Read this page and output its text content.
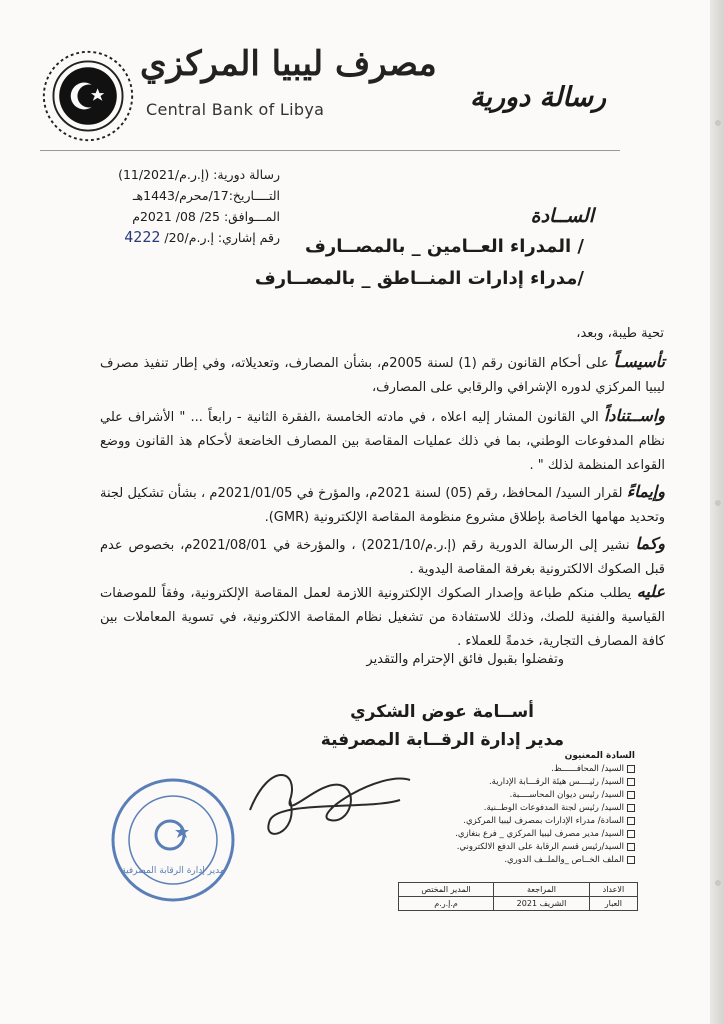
مصرف ليبيا المركزي
Central Bank of Libya	رسالة دورية
رسالة دورية: (إ.ر.م/11/2021)
التــــاريخ:17/محرم/1443هـ
المـــوافق: 25/ 08/ 2021م
رقم إشاري: إ.ر.م/20/ 4222
الســادة
/ المدراء العــامين _ بالمصــارف
/مدراء إدارات المنــاطق _ بالمصــارف
تحية طيبة، وبعد،
تأسيسـاً على أحكام القانون رقم (1) لسنة 2005م، بشأن المصارف، وتعديلاته، وفي إطار تنفيذ مصرف ليبيا المركزي لدوره الإشرافي والرقابي على المصارف،
واســتناداً الي القانون المشار إليه اعلاه ، في مادته الخامسة ،الفقرة الثانية - رابعاً ... " الأشراف علي نظام المدفوعات الوطني، بما في ذلك عمليات المقاصة بين المصارف الخاضعة لأحكام هذ القانون ووضع القواعد المنظمة لذلك " .
وإيماءً لقرار السيد/ المحافظ، رقم (05) لسنة 2021م، والمؤرخ في 2021/01/05م ، بشأن تشكيل لجنة وتحديد مهامها الخاصة بإطلاق مشروع منظومة المقاصة الإلكترونية (GMR).
وكما نشير إلى الرسالة الدورية رقم (إ.ر.م/2021/10) ، والمؤرخة في 2021/08/01م، بخصوص عدم قبل الصكوك الالكترونية بغرفة المقاصة اليدوية .
عليه يطلب منكم طباعة وإصدار الصكوك الإلكترونية اللازمة لعمل المقاصة الإلكترونية، وفقاً للموصفات القياسية والفنية للصك، وذلك للاستفادة من تشغيل نظام المقاصة الالكترونية، في تسوية المعاملات بين كافة المصارف التجارية، خدمةً للعملاء .
وتفضلوا بقبول فائق الإحترام والتقدير
أســامة عوض الشكري
مدير إدارة الرقــابة المصرفية
مدير إدارة الرقابة المصرفية
السادة المعنيون
السيد/ المحافــــــظ.
السيد/ رئيــــس هيئة الرقـــابة الإدارية.
السيد/ رئيس ديوان المحاســــبة.
السيد/ رئيس لجنة المدفوعات الوطــنية.
السادة/ مدراء الإدارات بمصرف ليبيا المركزي.
السيد/ مدير مصرف ليبيا المركزي _ فرع بنغازي.
السيد/رئيس قسم الرقابة على الدفع الالكتروني.
الملف الخــاص _والملــف الدوري.
الاعداد	المراجعة	المدير المختص
العبار	الشريف 2021	م.إ.ر.م
